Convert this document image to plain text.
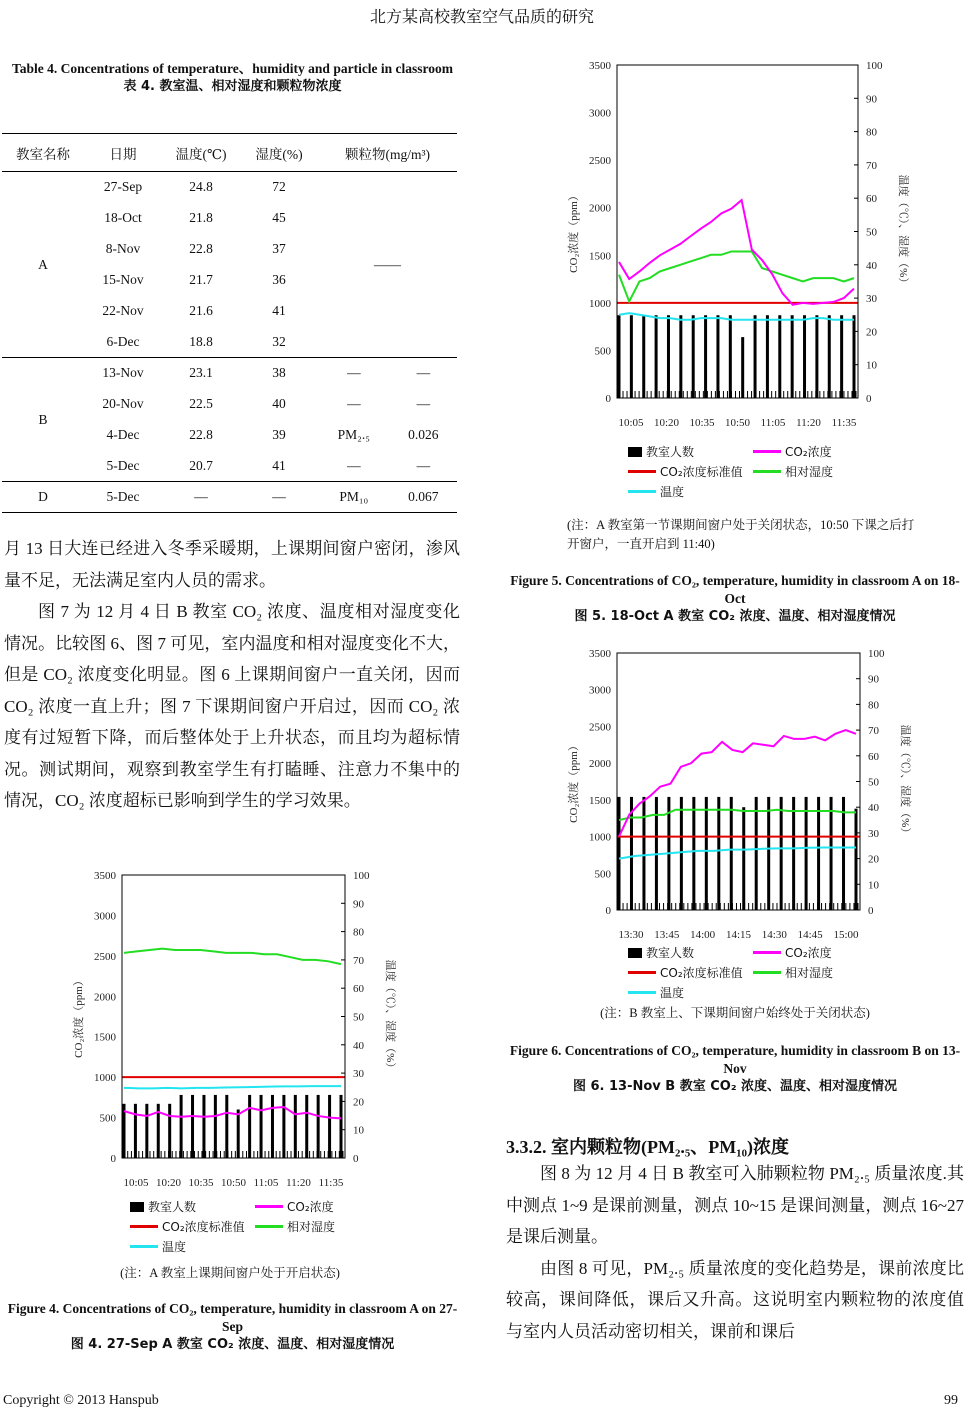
北方某高校教室空气品质的研究
Table 4. Concentrations of temperature、humidity and particle in classroom
表 4. 教室温、相对湿度和颗粒物浓度
教室名称	日期	温度(℃)	湿度(%)	颗粒物(mg/m³)	
A	27-Sep	24.8	72	——	
	18-Oct	21.8	45		
	8-Nov	22.8	37		
	15-Nov	21.7	36		
	22-Nov	21.6	41		
	6-Dec	18.8	32		
B	13-Nov	23.1	38	—	—
	20-Nov	22.5	40	—	—
	4-Dec	22.8	39	PM₂.₅	0.026
	5-Dec	20.7	41	—	—
D	5-Dec	—	—	PM₁₀	0.067

月 13 日大连已经进入冬季采暖期，上课期间窗户密闭，渗风量不足，无法满足室内人员的需求。

图 7 为 12 月 4 日 B 教室 CO₂ 浓度、温度相对湿度变化情况。比较图 6、图 7 可见，室内温度和相对湿度变化不大，但是 CO₂ 浓度变化明显。图 6 上课期间窗户一直关闭，因而 CO₂ 浓度一直上升；图 7 下课期间窗户开启过，因而 CO₂ 浓度有过短暂下降，而后整体处于上升状态，而且均为超标情况。测试期间，观察到教室学生有打瞌睡、注意力不集中的情况，CO₂ 浓度超标已影响到学生的学习效果。

0
500
1000
1500
2000
2500
3000
3500
0
10
20
30
40
50
60
70
80
90
100
10:05 10:20 10:35 10:50 11:05 11:20 11:35
CO₂浓度（ppm）	温度（℃）、湿度（%）
0
500
1000
1500
2000
2500
3000
3500
0
10
20
30
40
50
60
70
80
90
100
10:05 10:20 10:35 10:50 11:05 11:20 11:35
CO₂浓度（ppm）	温度（℃）、湿度（%）
0
500
1000
1500
2000
2500
3000
3500
0
10
20
30
40
50
60
70
80
90
100
13:30 13:45 14:00 14:15 14:30 14:45 15:00
CO₂浓度（ppm）	温度（℃）、湿度（%）
教室人数	CO₂浓度
CO₂浓度标准值	相对湿度
温度
教室人数	CO₂浓度
CO₂浓度标准值	相对湿度
温度
教室人数	CO₂浓度
CO₂浓度标准值	相对湿度
温度
(注：A 教室上课期间窗户处于开启状态)
Figure 4. Concentrations of CO₂, temperature, humidity in classroom A on 27-Sep
图 4. 27-Sep A 教室 CO₂ 浓度、温度、相对湿度情况
(注：A 教室第一节课期间窗户处于关闭状态，10:50 下课之后打开窗户，一直开启到 11:40)
Figure 5. Concentrations of CO₂, temperature, humidity in classroom A on 18-Oct
图 5. 18-Oct A 教室 CO₂ 浓度、温度、相对湿度情况
(注：B 教室上、下课期间窗户始终处于关闭状态)
Figure 6. Concentrations of CO₂, temperature, humidity in classroom B on 13-Nov
图 6. 13-Nov B 教室 CO₂ 浓度、温度、相对湿度情况
3.3.2. 室内颗粒物(PM₂.₅、PM₁₀)浓度

图 8 为 12 月 4 日 B 教室可入肺颗粒物 PM₂.₅ 质量浓度.其中测点 1~9 是课前测量，测点 10~15 是课间测量，测点 16~27 是课后测量。

由图 8 可见，PM₂.₅ 质量浓度的变化趋势是，课前浓度比较高，课间降低，课后又升高。这说明室内颗粒物的浓度值与室内人员活动密切相关，课前和课后

Copyright © 2013 Hanspub	99
